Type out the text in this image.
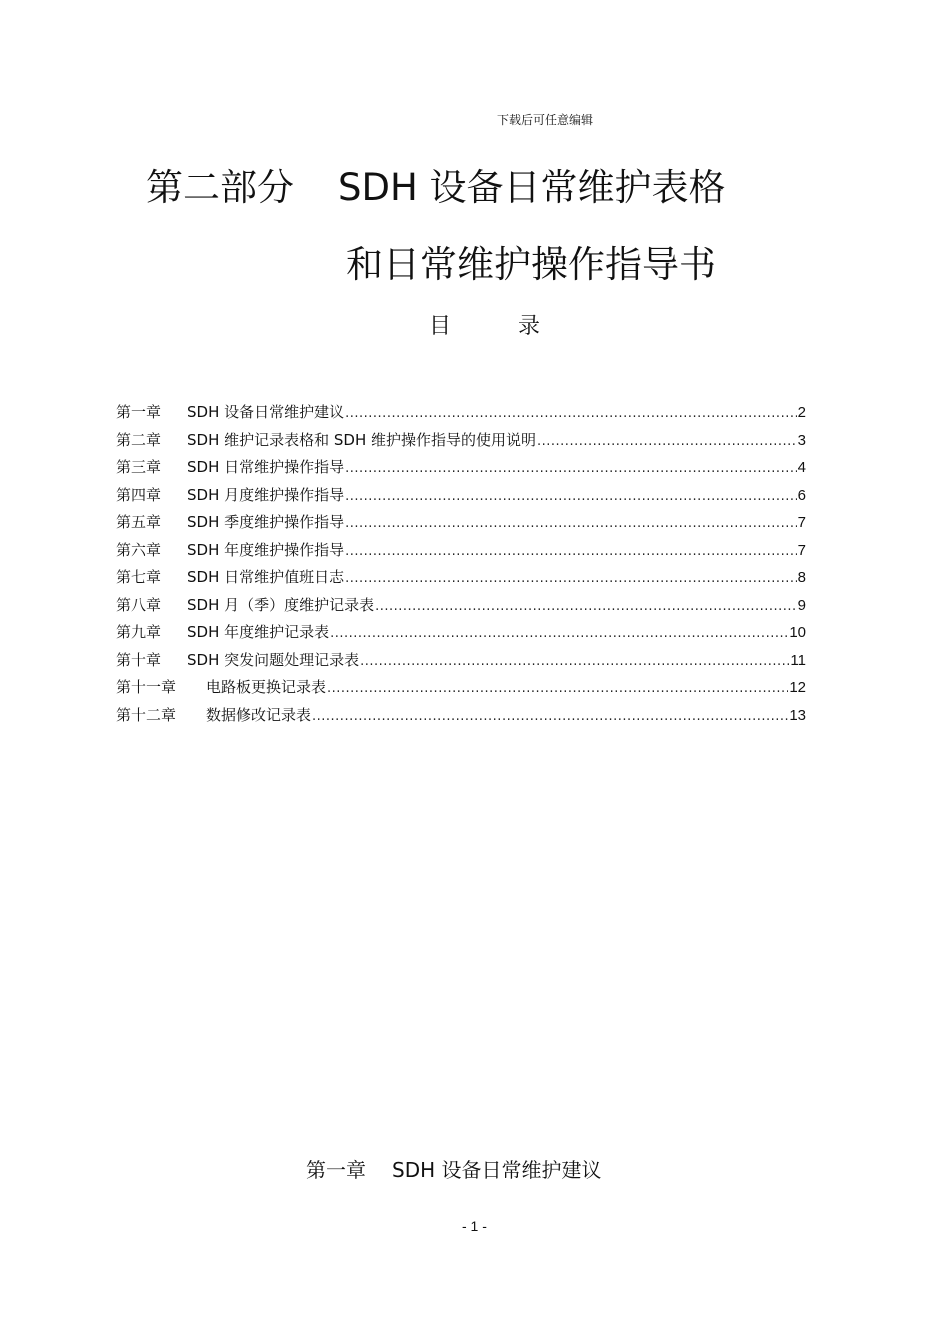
下载后可任意编辑
第二部分 SDH 设备日常维护表格
和日常维护操作指导书
目 录
第一章	SDH 设备日常维护建议 .....	2
第二章	SDH 维护记录表格和 SDH 维护操作指导的使用说明 .....	3
第三章	SDH 日常维护操作指导 .....	4
第四章	SDH 月度维护操作指导 .....	6
第五章	SDH 季度维护操作指导 .....	7
第六章	SDH 年度维护操作指导 .....	7
第七章	SDH 日常维护值班日志 .....	8
第八章	SDH 月（季）度维护记录表 .....	9
第九章	SDH 年度维护记录表 .....	10
第十章	SDH 突发问题处理记录表 .....	11
第十一章	电路板更换记录表 .....	12
第十二章	数据修改记录表 .....	13
第一章 SDH 设备日常维护建议
- 1 -
